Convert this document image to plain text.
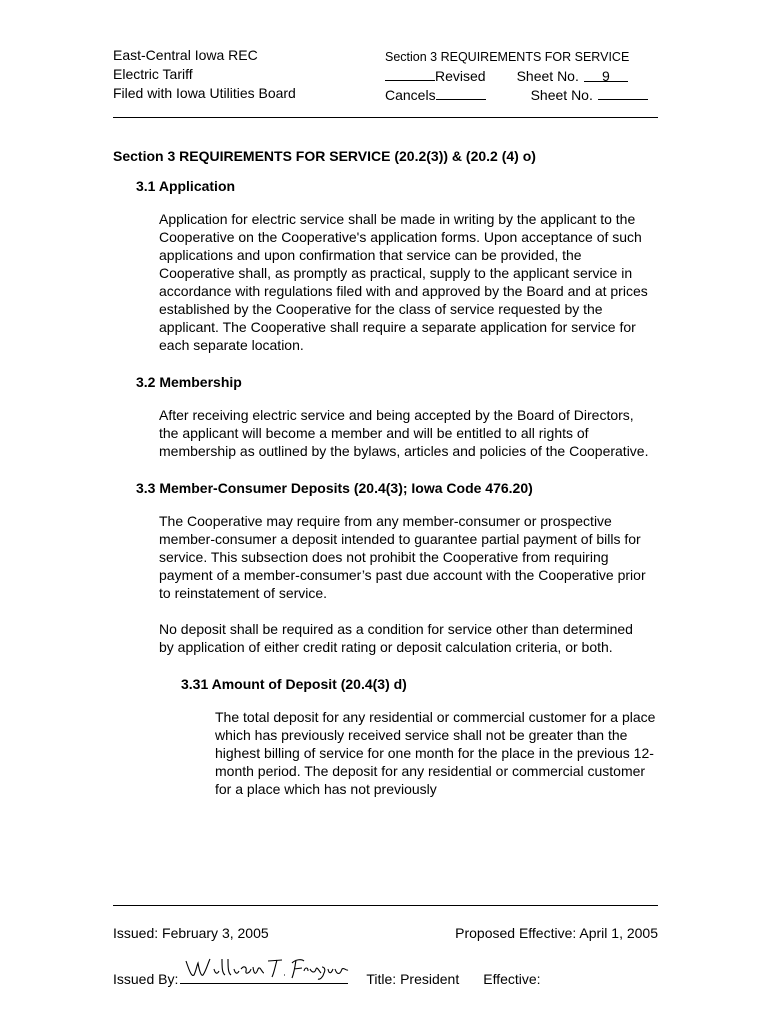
East-Central Iowa REC
Electric Tariff
Filed with Iowa Utilities Board
Section 3 REQUIREMENTS FOR SERVICE
Revised Sheet No.	9
Cancels	Sheet No.
Section 3 REQUIREMENTS FOR SERVICE (20.2(3)) & (20.2 (4) o)
3.1 Application

Application for electric service shall be made in writing by the applicant to the Cooperative on the Cooperative's application forms. Upon acceptance of such applications and upon confirmation that service can be provided, the Cooperative shall, as promptly as practical, supply to the applicant service in accordance with regulations filed with and approved by the Board and at prices established by the Cooperative for the class of service requested by the applicant. The Cooperative shall require a separate application for service for each separate location.

3.2 Membership

After receiving electric service and being accepted by the Board of Directors, the applicant will become a member and will be entitled to all rights of membership as outlined by the bylaws, articles and policies of the Cooperative.

3.3 Member-Consumer Deposits (20.4(3); Iowa Code 476.20)

The Cooperative may require from any member-consumer or prospective member-consumer a deposit intended to guarantee partial payment of bills for service. This subsection does not prohibit the Cooperative from requiring payment of a member-consumer’s past due account with the Cooperative prior to reinstatement of service.

No deposit shall be required as a condition for service other than determined by application of either credit rating or deposit calculation criteria, or both.

3.31 Amount of Deposit (20.4(3) d)

The total deposit for any residential or commercial customer for a place which has previously received service shall not be greater than the highest billing of service for one month for the place in the previous 12-month period. The deposit for any residential or commercial customer for a place which has not previously

Issued: February 3, 2005	Proposed Effective: April 1, 2005
Issued By:	Title: President Effective:
